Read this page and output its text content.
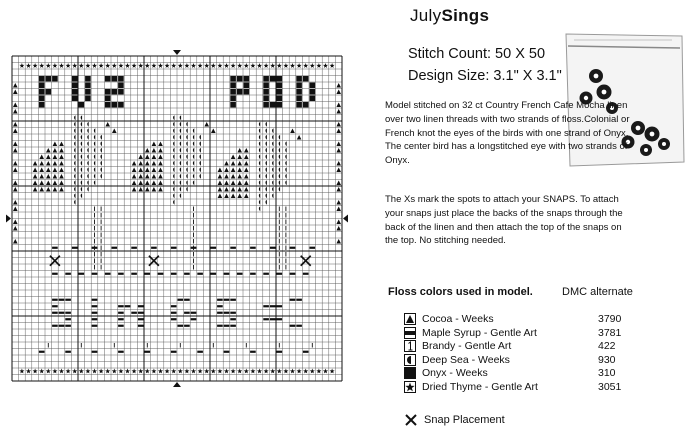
JulySings
Stitch Count: 50 X 50
Design Size: 3.1" X 3.1"
Model stitched on 32 ct Country French Cafe Mocha linen over two linen threads with two strands of floss.Colonial or French knot the eyes of the birds with one strand of Onyx. The center bird has a longstitched eye with two strands of Onyx.
The Xs mark the spots to attach your SNAPS. To attach your snaps just place the backs of the snaps through the back of the linen and then attach the top of the snaps on the top. No stitching needed.
Floss colors used in model.	DMC alternate
Cocoa - Weeks	3790
Maple Syrup - Gentle Art	3781
Brandy - Gentle Art	422
Deep Sea - Weeks	930
Onyx - Weeks	310
Dried Thyme - Gentle Art	3051
Snap Placement
